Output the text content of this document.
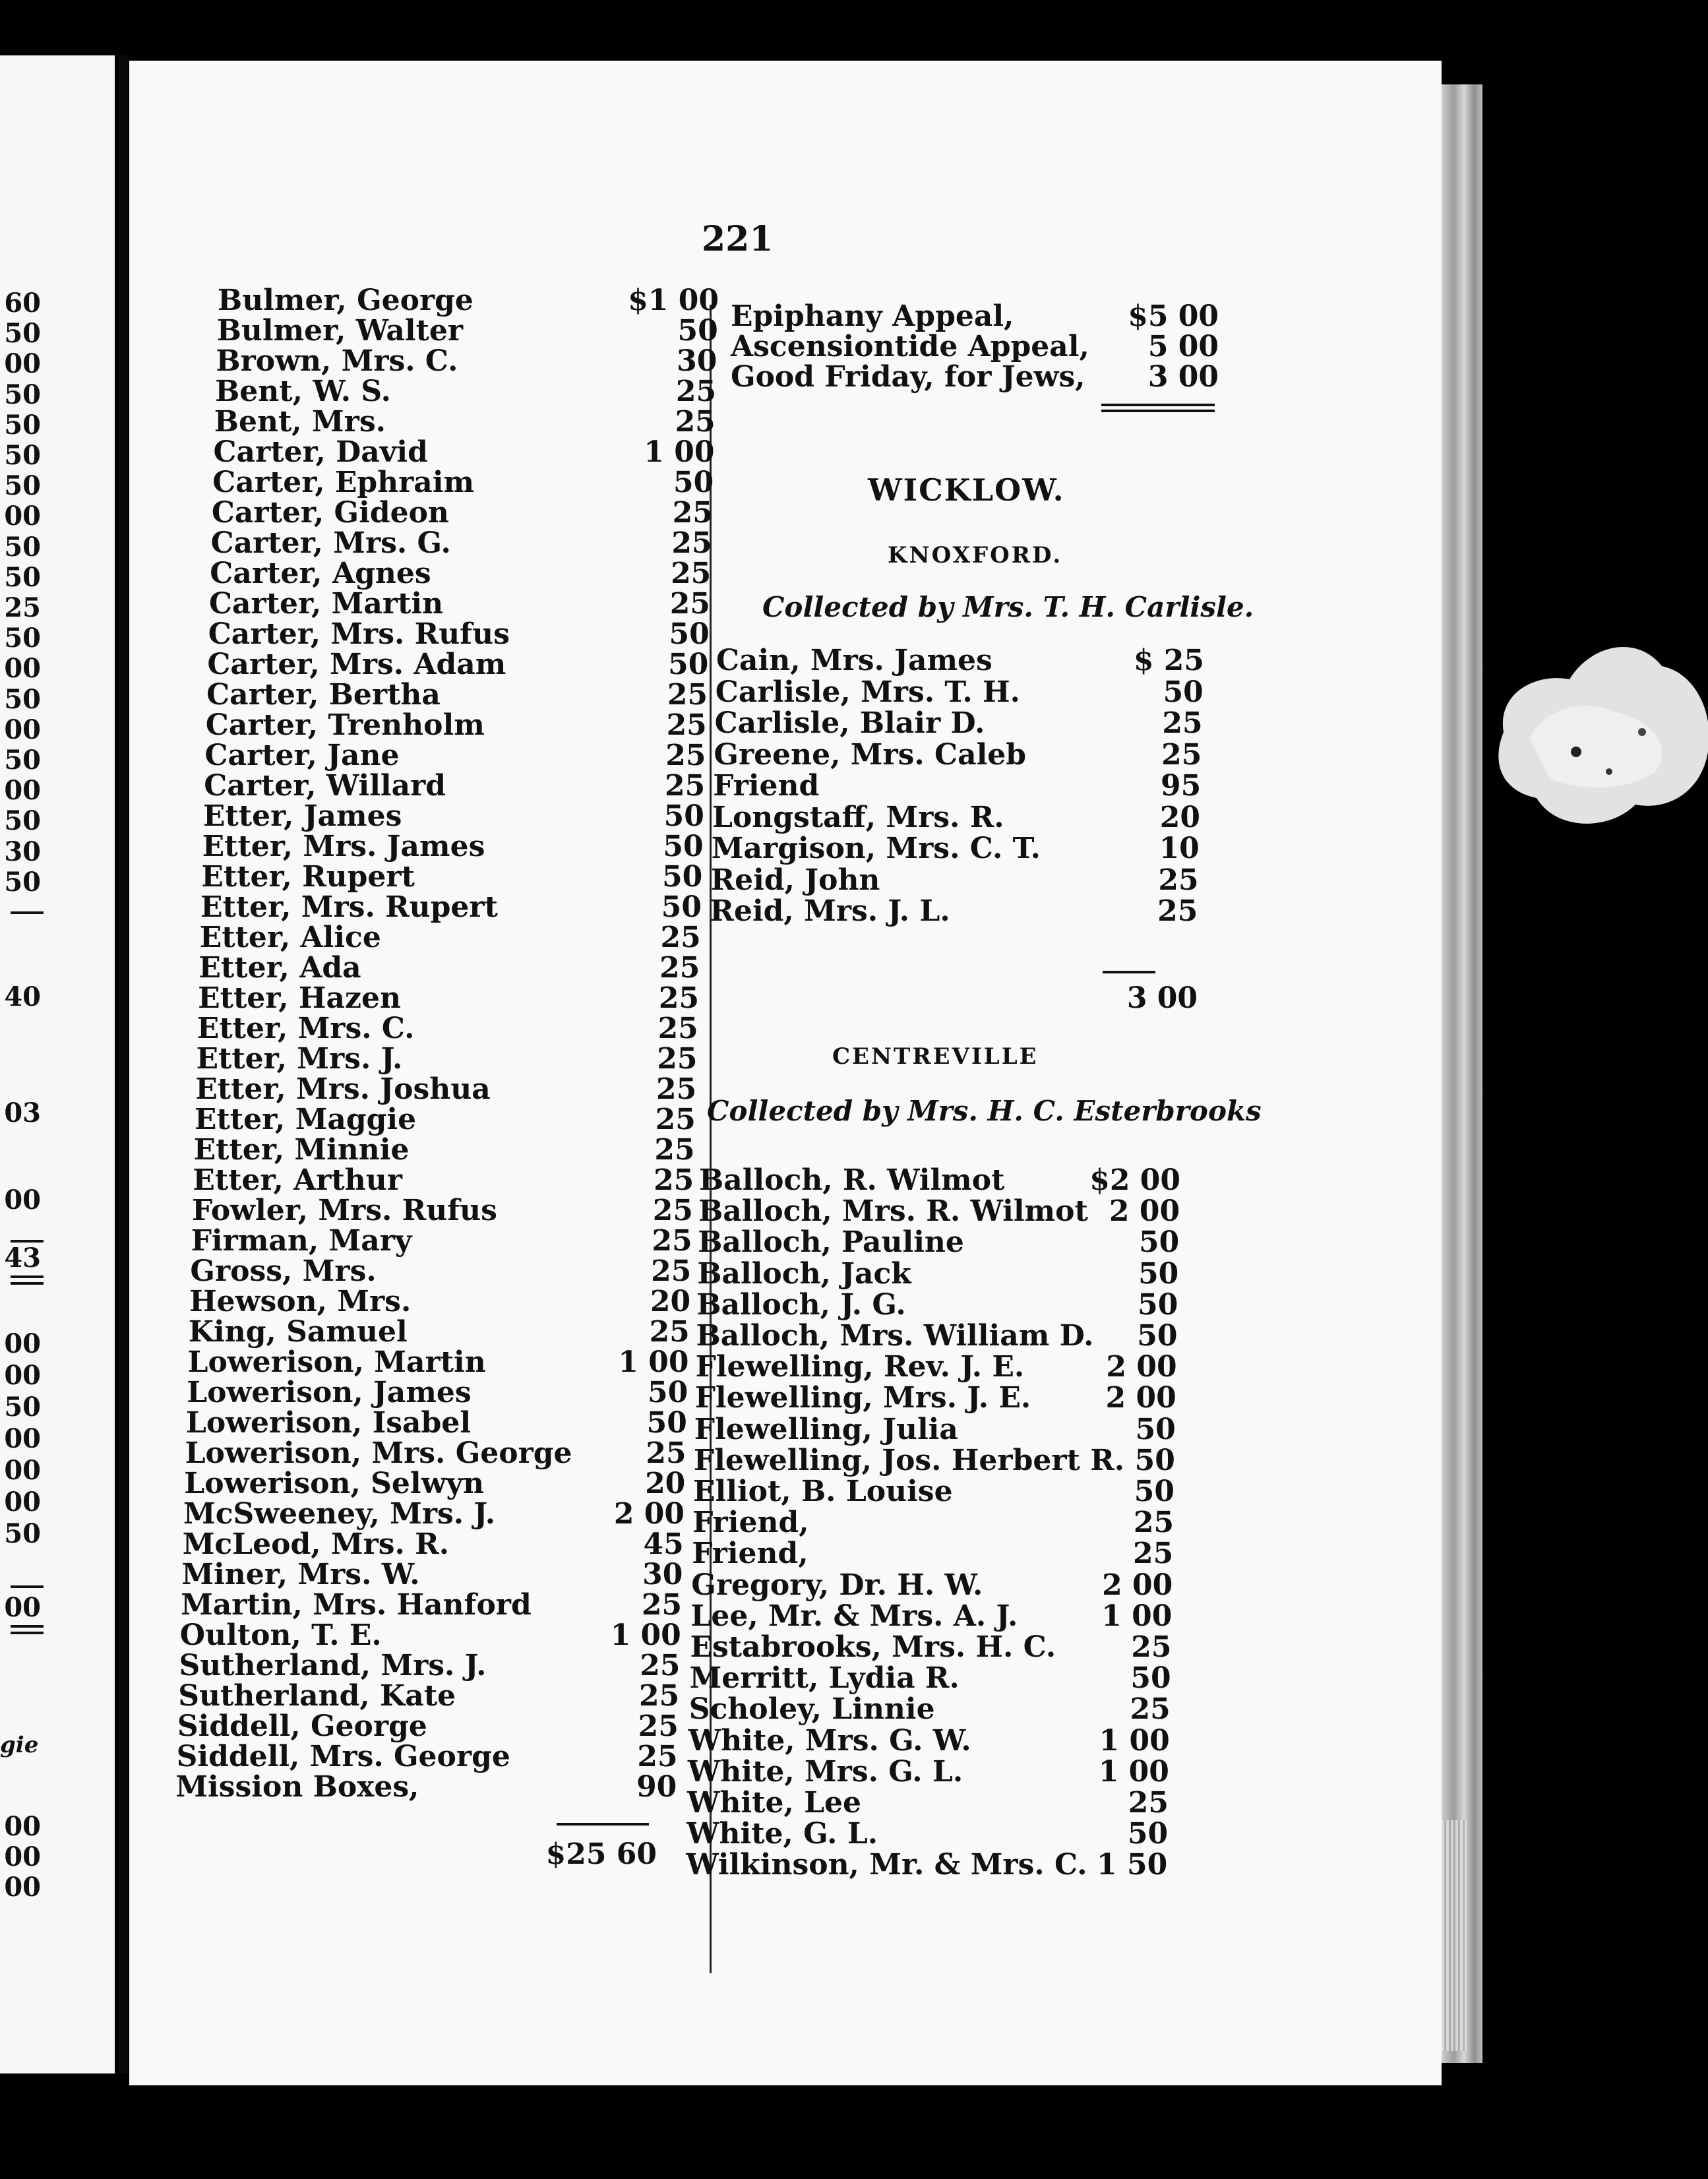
60
50
00
50
50
50
50
00
50
50
25
50
00
50
00
50
00
50
30
50
40
03
00
43
00
00
50
00
00
00
50
00
gie
00
00
00
221
Bulmer, George	$1 00
Bulmer, Walter	50
Brown, Mrs. C.	30
Bent, W. S.	25
Bent, Mrs.	25
Carter, David	1 00
Carter, Ephraim	50
Carter, Gideon	25
Carter, Mrs. G.	25
Carter, Agnes	25
Carter, Martin	25
Carter, Mrs. Rufus	50
Carter, Mrs. Adam	50
Carter, Bertha	25
Carter, Trenholm	25
Carter, Jane	25
Carter, Willard	25
Etter, James	50
Etter, Mrs. James	50
Etter, Rupert	50
Etter, Mrs. Rupert	50
Etter, Alice	25
Etter, Ada	25
Etter, Hazen	25
Etter, Mrs. C.	25
Etter, Mrs. J.	25
Etter, Mrs. Joshua	25
Etter, Maggie	25
Etter, Minnie	25
Etter, Arthur	25
Fowler, Mrs. Rufus	25
Firman, Mary	25
Gross, Mrs.	25
Hewson, Mrs.	20
King, Samuel	25
Lowerison, Martin	1 00
Lowerison, James	50
Lowerison, Isabel	50
Lowerison, Mrs. George	25
Lowerison, Selwyn	20
McSweeney, Mrs. J.	2 00
McLeod, Mrs. R.	45
Miner, Mrs. W.	30
Martin, Mrs. Hanford	25
Oulton, T. E.	1 00
Sutherland, Mrs. J.	25
Sutherland, Kate	25
Siddell, George	25
Siddell, Mrs. George	25
Mission Boxes,	90
$25 60
Epiphany Appeal,	$5 00
Ascensiontide Appeal, 5 00
Good Friday, for Jews, 3 00
WICKLOW.
KNOXFORD.
Collected by Mrs. T. H. Carlisle.
Cain, Mrs. James	$ 25
Carlisle, Mrs. T. H.	50
Carlisle, Blair D.	25
Greene, Mrs. Caleb	25
Friend	95
Longstaff, Mrs. R.	20
Margison, Mrs. C. T.	10
Reid, John	25
Reid, Mrs. J. L.	25
3 00
CENTREVILLE
Collected by Mrs. H. C. Esterbrooks
Balloch, R. Wilmot	$2 00
Balloch, Mrs. R. Wilmot 2 00
Balloch, Pauline	50
Balloch, Jack	50
Balloch, J. G.	50
Balloch, Mrs. William D. 50
Flewelling, Rev. J. E.	2 00
Flewelling, Mrs. J. E.	2 00
Flewelling, Julia	50
Flewelling, Jos. Herbert R. 50
Elliot, B. Louise	50
Friend,	25
Friend,	25
Gregory, Dr. H. W.	2 00
Lee, Mr. & Mrs. A. J.	1 00
Estabrooks, Mrs. H. C.	25
Merritt, Lydia R.	50
Scholey, Linnie	25
White, Mrs. G. W.	1 00
White, Mrs. G. L.	1 00
White, Lee	25
White, G. L.	50
Wilkinson, Mr. & Mrs. C. 1 50
